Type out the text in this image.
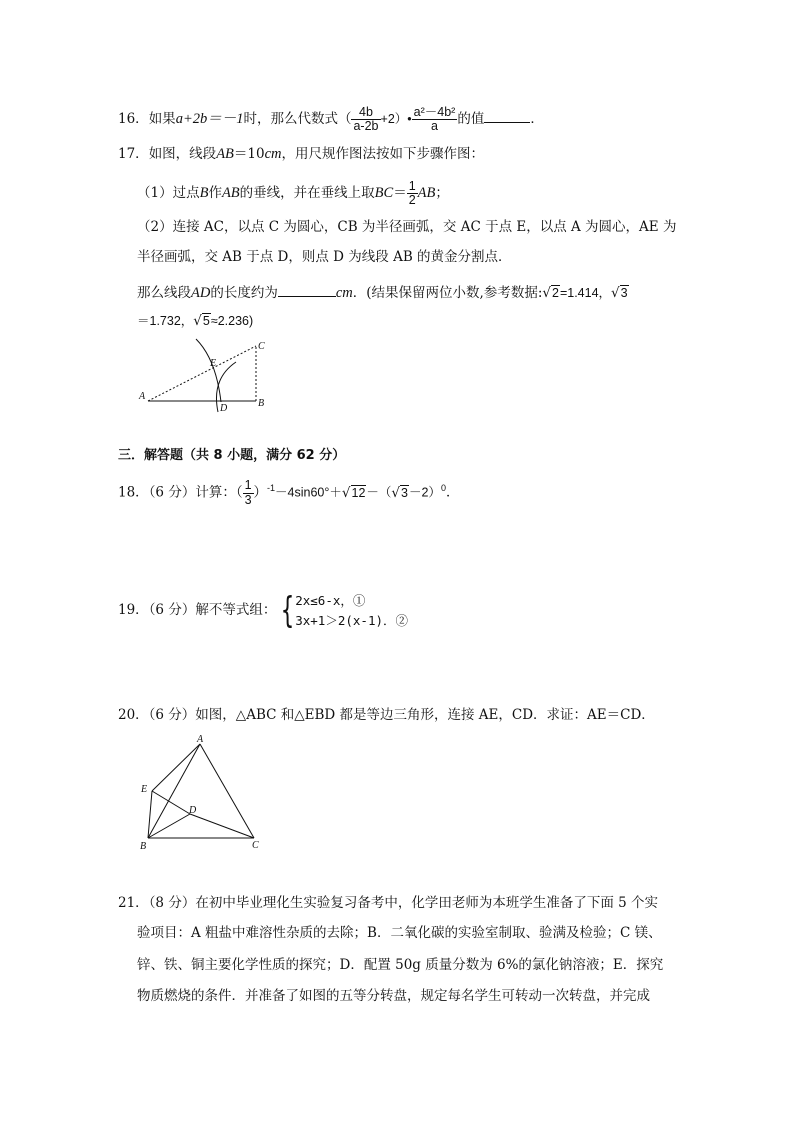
16．如果a+2b＝－1时，那么代数式（ $\frac{4b}{a-2b}$ +2）• $\frac{\text{a²－4b²}}{a}$ 的值	．
17．如图，线段AB＝10cm，用尺规作图法按如下步骤作图：
（1）过点B作AB的垂线，并在垂线上取$BC= \frac{1}{2}$ AB；
（2）连接 AC，以点 C 为圆心，CB 为半径画弧，交 AC 于点 E，以点 A 为圆心，AE 为
半径画弧，交 AB 于点 D，则点 D 为线段 AB 的黄金分割点．
那么线段AD的长度约为	cm．(结果保留两位小数,参考数据:√2=1.414，√3
＝1.732，√5≈2.236)
A
B
C
D
E
三．解答题（共 8 小题，满分 62 分）
18．（6 分）计算：（ $\frac{1}{3} )^{-1}-4\sin 60^\circ+√12-(√3-2)^0$．
19．（6 分）解不等式组： { 2x≤6-x，①
3x+1＞2(x-1)．②
20．（6 分）如图，△ABC 和△EBD 都是等边三角形，连接 AE，CD．求证：AE＝CD．
A
B	C
D
E
21．（8 分）在初中毕业理化生实验复习备考中，化学田老师为本班学生准备了下面 5 个实
验项目：A 粗盐中难溶性杂质的去除；B．二氧化碳的实验室制取、验满及检验；C 镁、
锌、铁、铜主要化学性质的探究；D．配置 50g 质量分数为 6%的氯化钠溶液；E．探究
物质燃烧的条件．并准备了如图的五等分转盘，规定每名学生可转动一次转盘，并完成
